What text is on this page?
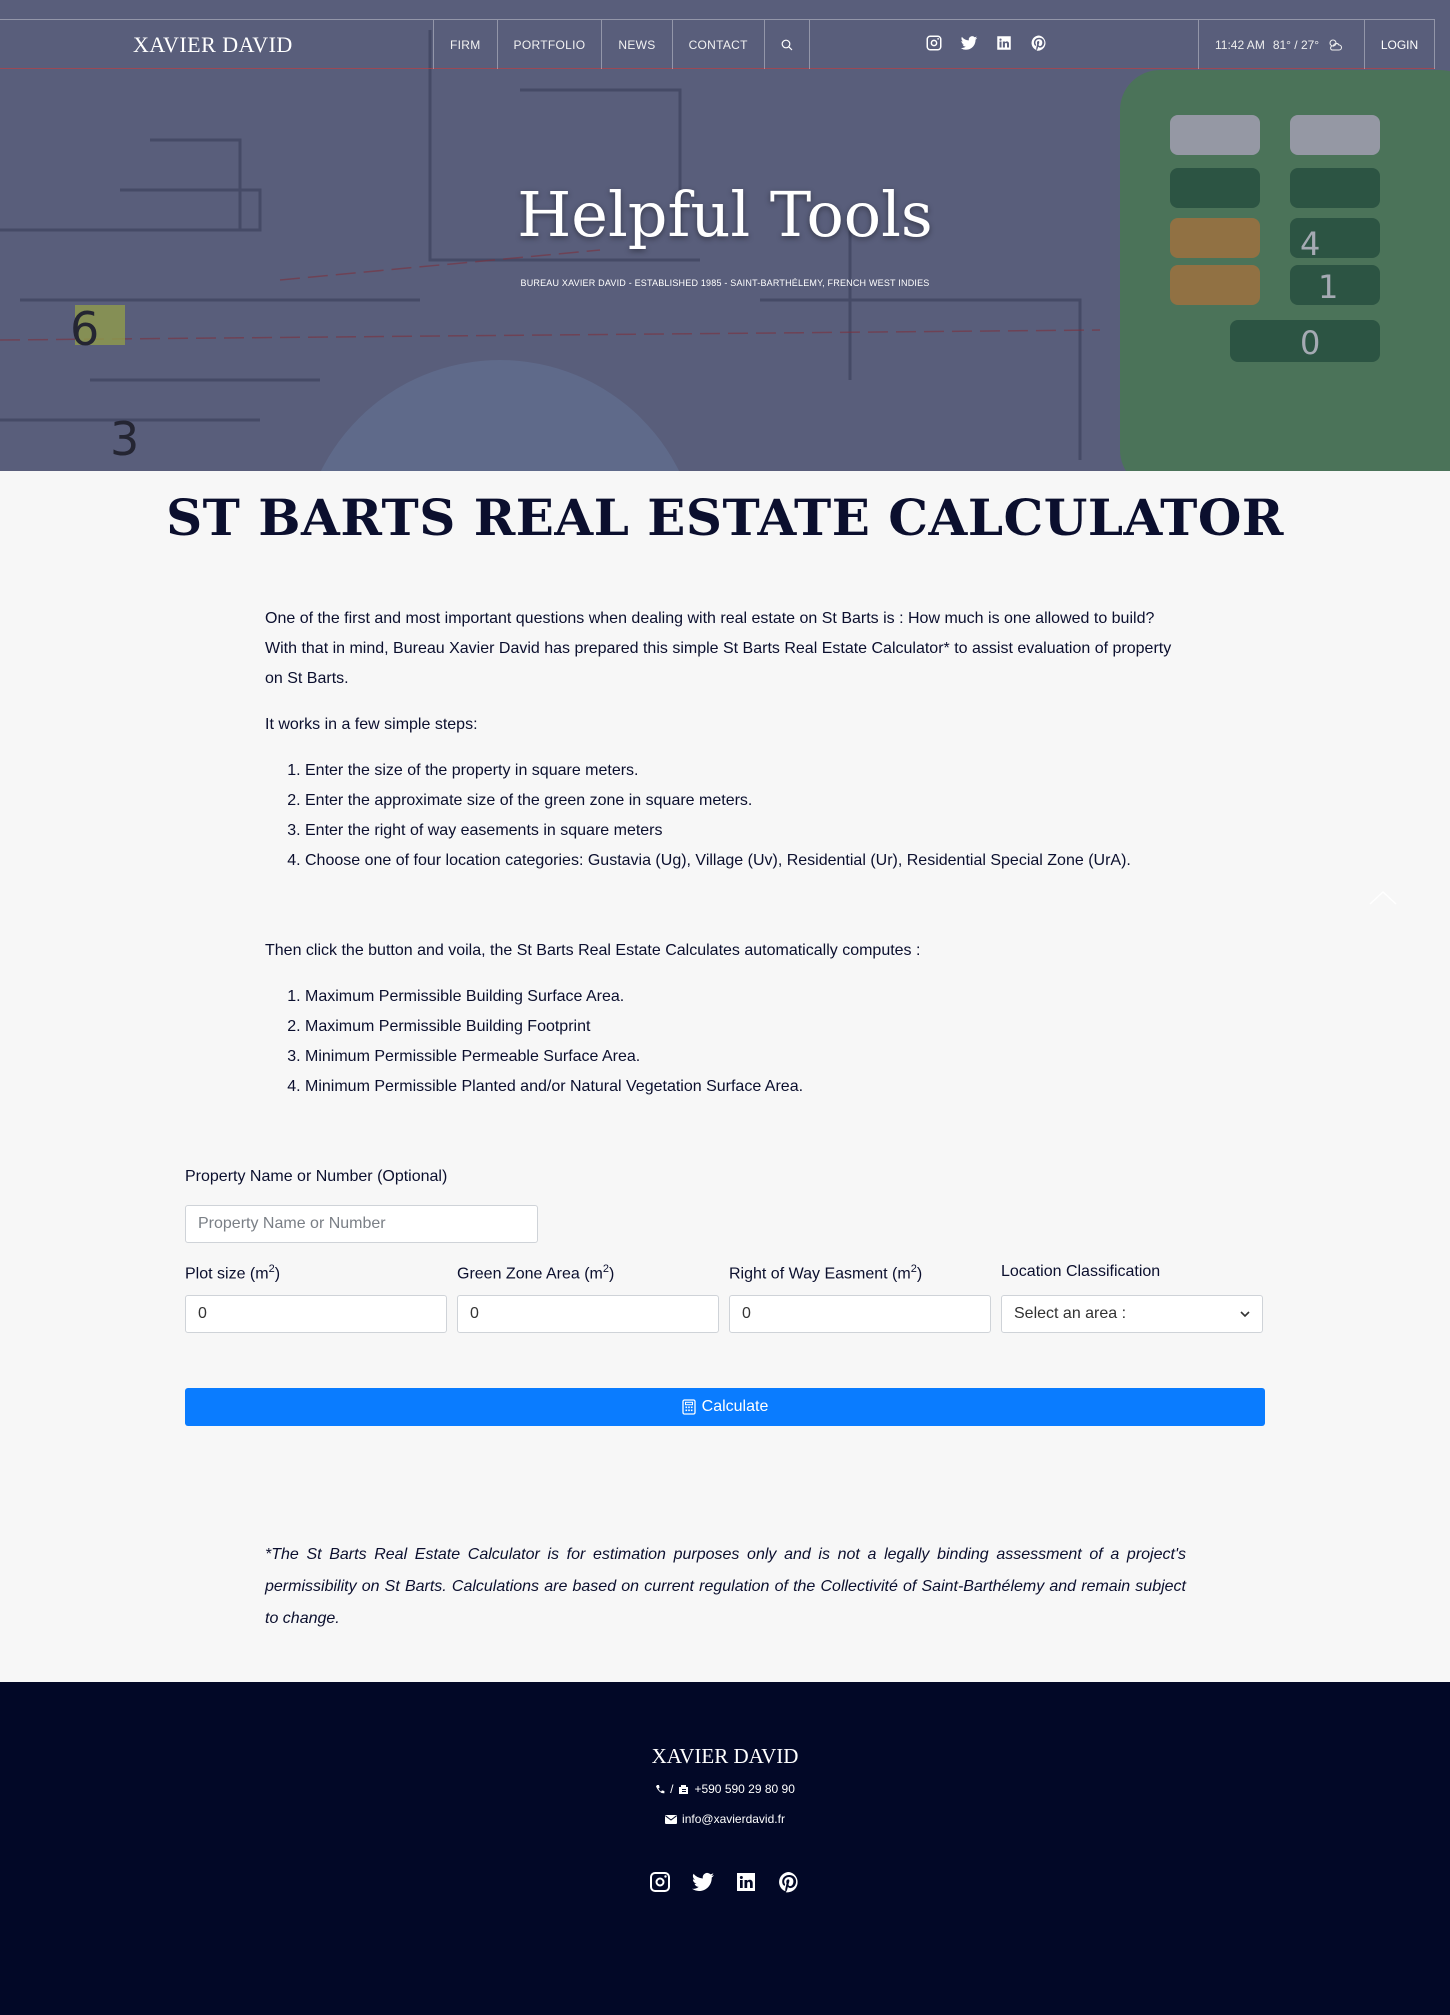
6
3
4
1
0
XAVIER DAVID	FIRM	PORTFOLIO	NEWS	CONTACT	11:42 AM 81° / 27°	LOGIN
Helpful Tools
BUREAU XAVIER DAVID - ESTABLISHED 1985 - SAINT-BARTHÉLEMY, FRENCH WEST INDIES
ST BARTS REAL ESTATE CALCULATOR

One of the first and most important questions when dealing with real estate on St Barts is : How much is one allowed to build? With that in mind, Bureau Xavier David has prepared this simple St Barts Real Estate Calculator* to assist evaluation of property on St Barts.

It works in a few simple steps:

1. Enter the size of the property in square meters.
2. Enter the approximate size of the green zone in square meters.
3. Enter the right of way easements in square meters
4. Choose one of four location categories: Gustavia (Ug), Village (Uv), Residential (Ur), Residential Special Zone (UrA).

Then click the button and voila, the St Barts Real Estate Calculates automatically computes :

1. Maximum Permissible Building Surface Area.
2. Maximum Permissible Building Footprint
3. Minimum Permissible Permeable Surface Area.
4. Minimum Permissible Planted and/or Natural Vegetation Surface Area.
Property Name or Number (Optional)
Property Name or Number
Plot size $(m^2)$
0
Green Zone Area $(m^2)$
0
Right of Way Easment $(m^2)$
0
Location Classification
Select an area :
Calculate

*The St Barts Real Estate Calculator is for estimation purposes only and is not a legally binding assessment of a project's permissibility on St Barts. Calculations are based on current regulation of the Collectivité of Saint-Barthélemy and remain subject to change.

XAVIER DAVID
/ +590 590 29 80 90
info@xavierdavid.fr
